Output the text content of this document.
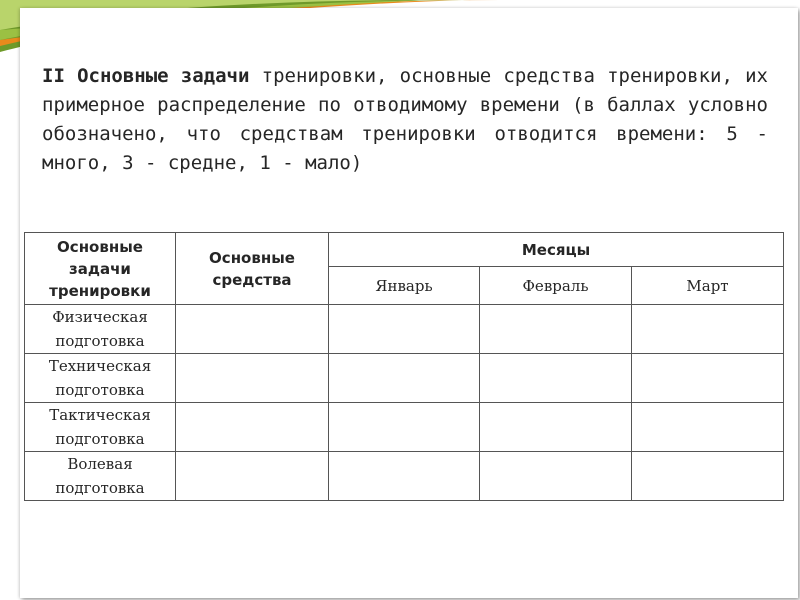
II Основные задачи тренировки, основные средства тренировки, их примерное распределение по отводимому времени (в баллах условно обозначено, что средствам тренировки отводится времени: 5 - много, 3 - средне, 1 - мало)

Основные задачи тренировки	Основные средства	Месяцы		
		Январь	Февраль	Март
Физическая подготовка				
Техническая подготовка				
Тактическая подготовка				
Волевая подготовка				
